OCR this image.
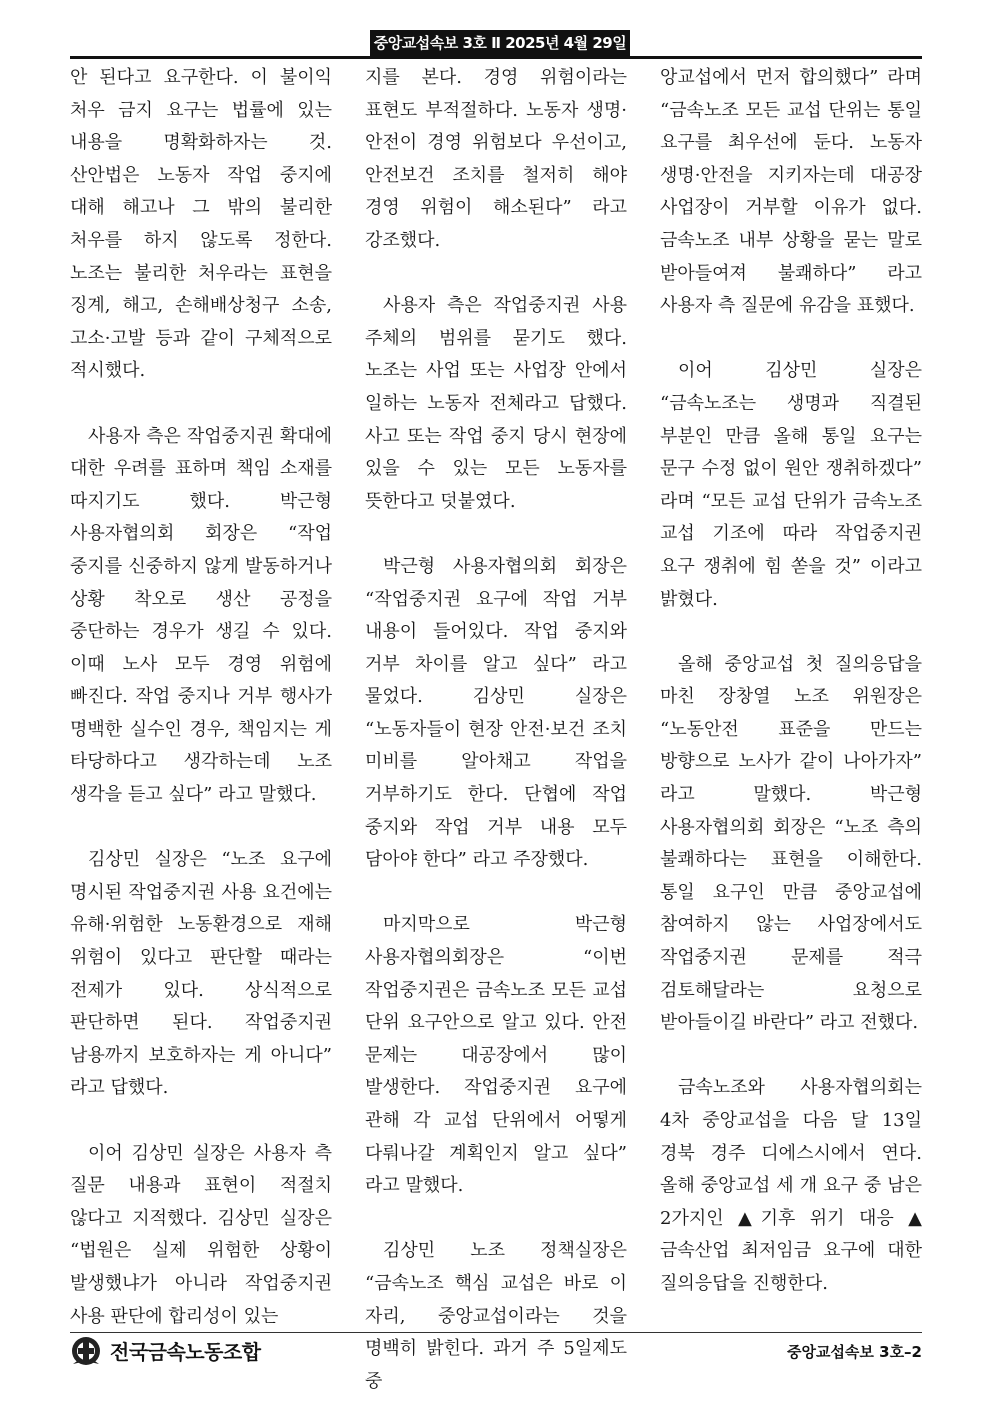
중앙교섭속보 3호 Ⅱ 2025년 4월 29일

안 된다고 요구한다. 이 불이익 처우 금지 요구는 법률에 있는 내용을 명확화하자는 것. 산안법은 노동자 작업 중지에 대해 해고나 그 밖의 불리한 처우를 하지 않도록 정한다. 노조는 불리한 처우라는 표현을 징계, 해고, 손해배상청구 소송, 고소·고발 등과 같이 구체적으로 적시했다.

사용자 측은 작업중지권 확대에 대한 우려를 표하며 책임 소재를 따지기도 했다. 박근형 사용자협의회 회장은 “작업 중지를 신중하지 않게 발동하거나 상황 착오로 생산 공정을 중단하는 경우가 생길 수 있다. 이때 노사 모두 경영 위험에 빠진다. 작업 중지나 거부 행사가 명백한 실수인 경우, 책임지는 게 타당하다고 생각하는데 노조 생각을 듣고 싶다” 라고 말했다.

김상민 실장은 “노조 요구에 명시된 작업중지권 사용 요건에는 유해·위험한 노동환경으로 재해 위험이 있다고 판단할 때라는 전제가 있다. 상식적으로 판단하면 된다. 작업중지권 남용까지 보호하자는 게 아니다” 라고 답했다.

이어 김상민 실장은 사용자 측 질문 내용과 표현이 적절치 않다고 지적했다. 김상민 실장은 “법원은 실제 위험한 상황이 발생했냐가 아니라 작업중지권 사용 판단에 합리성이 있는

지를 본다. 경영 위험이라는 표현도 부적절하다. 노동자 생명·안전이 경영 위험보다 우선이고, 안전보건 조치를 철저히 해야 경영 위험이 해소된다” 라고 강조했다.

사용자 측은 작업중지권 사용 주체의 범위를 묻기도 했다. 노조는 사업 또는 사업장 안에서 일하는 노동자 전체라고 답했다. 사고 또는 작업 중지 당시 현장에 있을 수 있는 모든 노동자를 뜻한다고 덧붙였다.

박근형 사용자협의회 회장은 “작업중지권 요구에 작업 거부 내용이 들어있다. 작업 중지와 거부 차이를 알고 싶다” 라고 물었다. 김상민 실장은 “노동자들이 현장 안전·보건 조치 미비를 알아채고 작업을 거부하기도 한다. 단협에 작업 중지와 작업 거부 내용 모두 담아야 한다” 라고 주장했다.

마지막으로 박근형 사용자협의회장은 “이번 작업중지권은 금속노조 모든 교섭 단위 요구안으로 알고 있다. 안전 문제는 대공장에서 많이 발생한다. 작업중지권 요구에 관해 각 교섭 단위에서 어떻게 다뤄나갈 계획인지 알고 싶다” 라고 말했다.

김상민 노조 정책실장은 “금속노조 핵심 교섭은 바로 이 자리, 중앙교섭이라는 것을 명백히 밝힌다. 과거 주 5일제도 중

앙교섭에서 먼저 합의했다” 라며 “금속노조 모든 교섭 단위는 통일 요구를 최우선에 둔다. 노동자 생명·안전을 지키자는데 대공장 사업장이 거부할 이유가 없다. 금속노조 내부 상황을 묻는 말로 받아들여져 불쾌하다” 라고 사용자 측 질문에 유감을 표했다.

이어 김상민 실장은 “금속노조는 생명과 직결된 부분인 만큼 올해 통일 요구는 문구 수정 없이 원안 쟁취하겠다” 라며 “모든 교섭 단위가 금속노조 교섭 기조에 따라 작업중지권 요구 쟁취에 힘 쏟을 것” 이라고 밝혔다.

올해 중앙교섭 첫 질의응답을 마친 장창열 노조 위원장은 “노동안전 표준을 만드는 방향으로 노사가 같이 나아가자” 라고 말했다. 박근형 사용자협의회 회장은 “노조 측의 불쾌하다는 표현을 이해한다. 통일 요구인 만큼 중앙교섭에 참여하지 않는 사업장에서도 작업중지권 문제를 적극 검토해달라는 요청으로 받아들이길 바란다” 라고 전했다.

금속노조와 사용자협의회는 4차 중앙교섭을 다음 달 13일 경북 경주 디에스시에서 연다. 올해 중앙교섭 세 개 요구 중 남은 2가지인 ▲기후 위기 대응 ▲금속산업 최저임금 요구에 대한 질의응답을 진행한다.

전국금속노동조합	중앙교섭속보 3호–2
